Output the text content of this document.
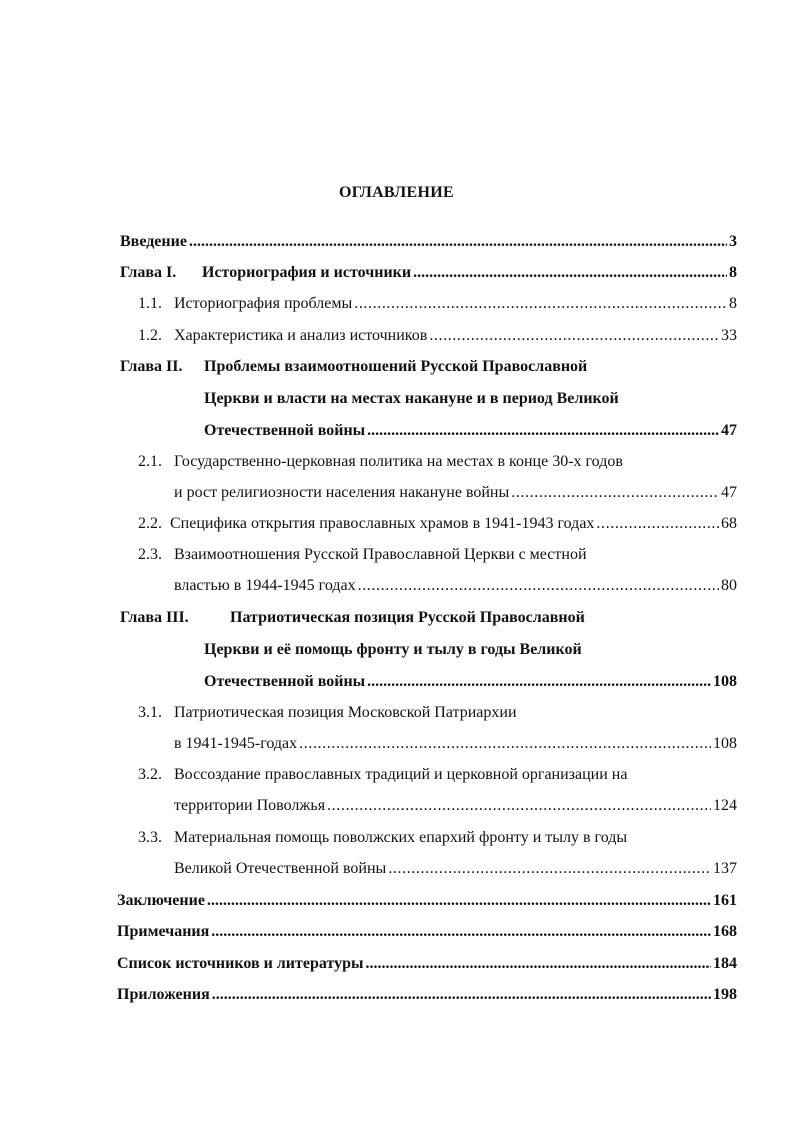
ОГЛАВЛЕНИЕ
Введение .....	3
Глава I. Историография и источники .....	8
1.1. Историография проблемы .....	8
1.2. Характеристика и анализ источников .....	33
Глава II. Проблемы взаимоотношений Русской Православной
Церкви и власти на местах накануне и в период Великой
Отечественной войны .....	47
2.1. Государственно-церковная политика на местах в конце 30-х годов
и рост религиозности населения накануне войны .....	47
2.2. Специфика открытия православных храмов в 1941-1943 годах .....	68
2.3. Взаимоотношения Русской Православной Церкви с местной
властью в 1944-1945 годах .....	80
Глава III.	Патриотическая позиция Русской Православной
Церкви и её помощь фронту и тылу в годы Великой
Отечественной войны .....	108
3.1. Патриотическая позиция Московской Патриархии
в 1941-1945-годах .....	108
3.2. Воссоздание православных традиций и церковной организации на
территории Поволжья .....	124
3.3. Материальная помощь поволжских епархий фронту и тылу в годы
Великой Отечественной войны .....	137
Заключение .....	161
Примечания .....	168
Список источников и литературы .....	184
Приложения .....	198
